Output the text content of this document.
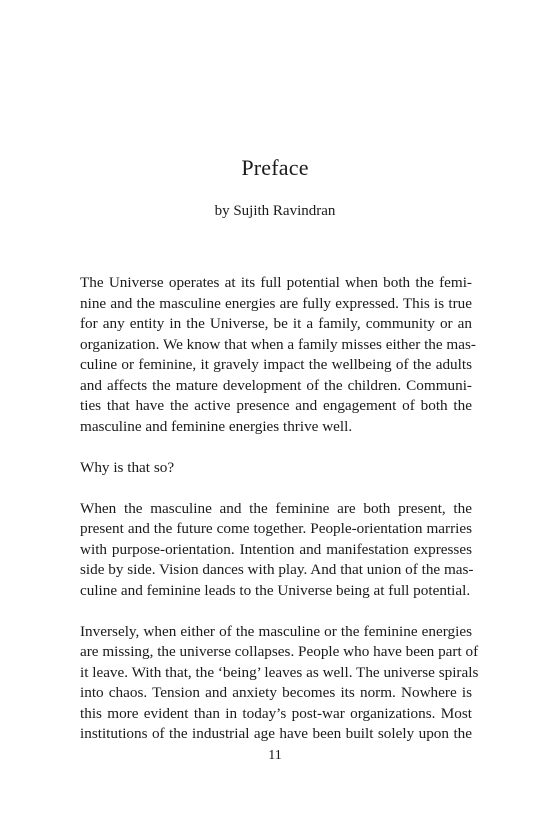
Preface
by Sujith Ravindran

The Universe operates at its full potential when both the femi-
nine and the masculine energies are fully expressed. This is true
for any entity in the Universe, be it a family, community or an
organization. We know that when a family misses either the mas-
culine or feminine, it gravely impact the wellbeing of the adults
and affects the mature development of the children. Communi-
ties that have the active presence and engagement of both the
masculine and feminine energies thrive well.

Why is that so?

When the masculine and the feminine are both present, the
present and the future come together. People-orientation marries
with purpose-orientation. Intention and manifestation expresses
side by side. Vision dances with play. And that union of the mas-
culine and feminine leads to the Universe being at full potential.

Inversely, when either of the masculine or the feminine energies
are missing, the universe collapses. People who have been part of
it leave. With that, the ‘being’ leaves as well. The universe spirals
into chaos. Tension and anxiety becomes its norm. Nowhere is
this more evident than in today’s post-war organizations. Most
institutions of the industrial age have been built solely upon the

11
